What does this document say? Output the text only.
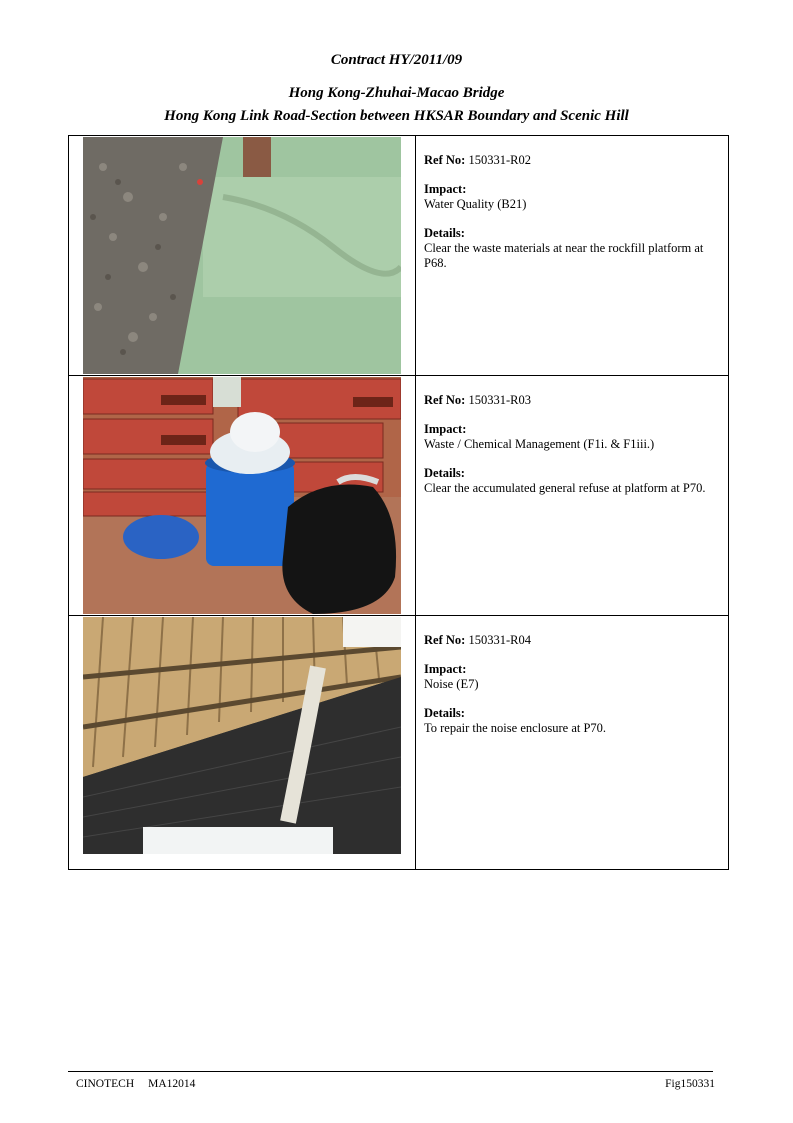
Contract HY/2011/09
Hong Kong-Zhuhai-Macao Bridge
Hong Kong Link Road-Section between HKSAR Boundary and Scenic Hill

Ref No: 150331-R02
Impact:
Water Quality (B21)
Details:
Clear the waste materials at near the rockfill platform at P68.

Ref No: 150331-R03
Impact:
Waste / Chemical Management (F1i. & F1iii.)
Details:
Clear the accumulated general refuse at platform at P70.

Ref No: 150331-R04
Impact:
Noise (E7)
Details:
To repair the noise enclosure at P70.
CINOTECH MA12014	Fig150331
